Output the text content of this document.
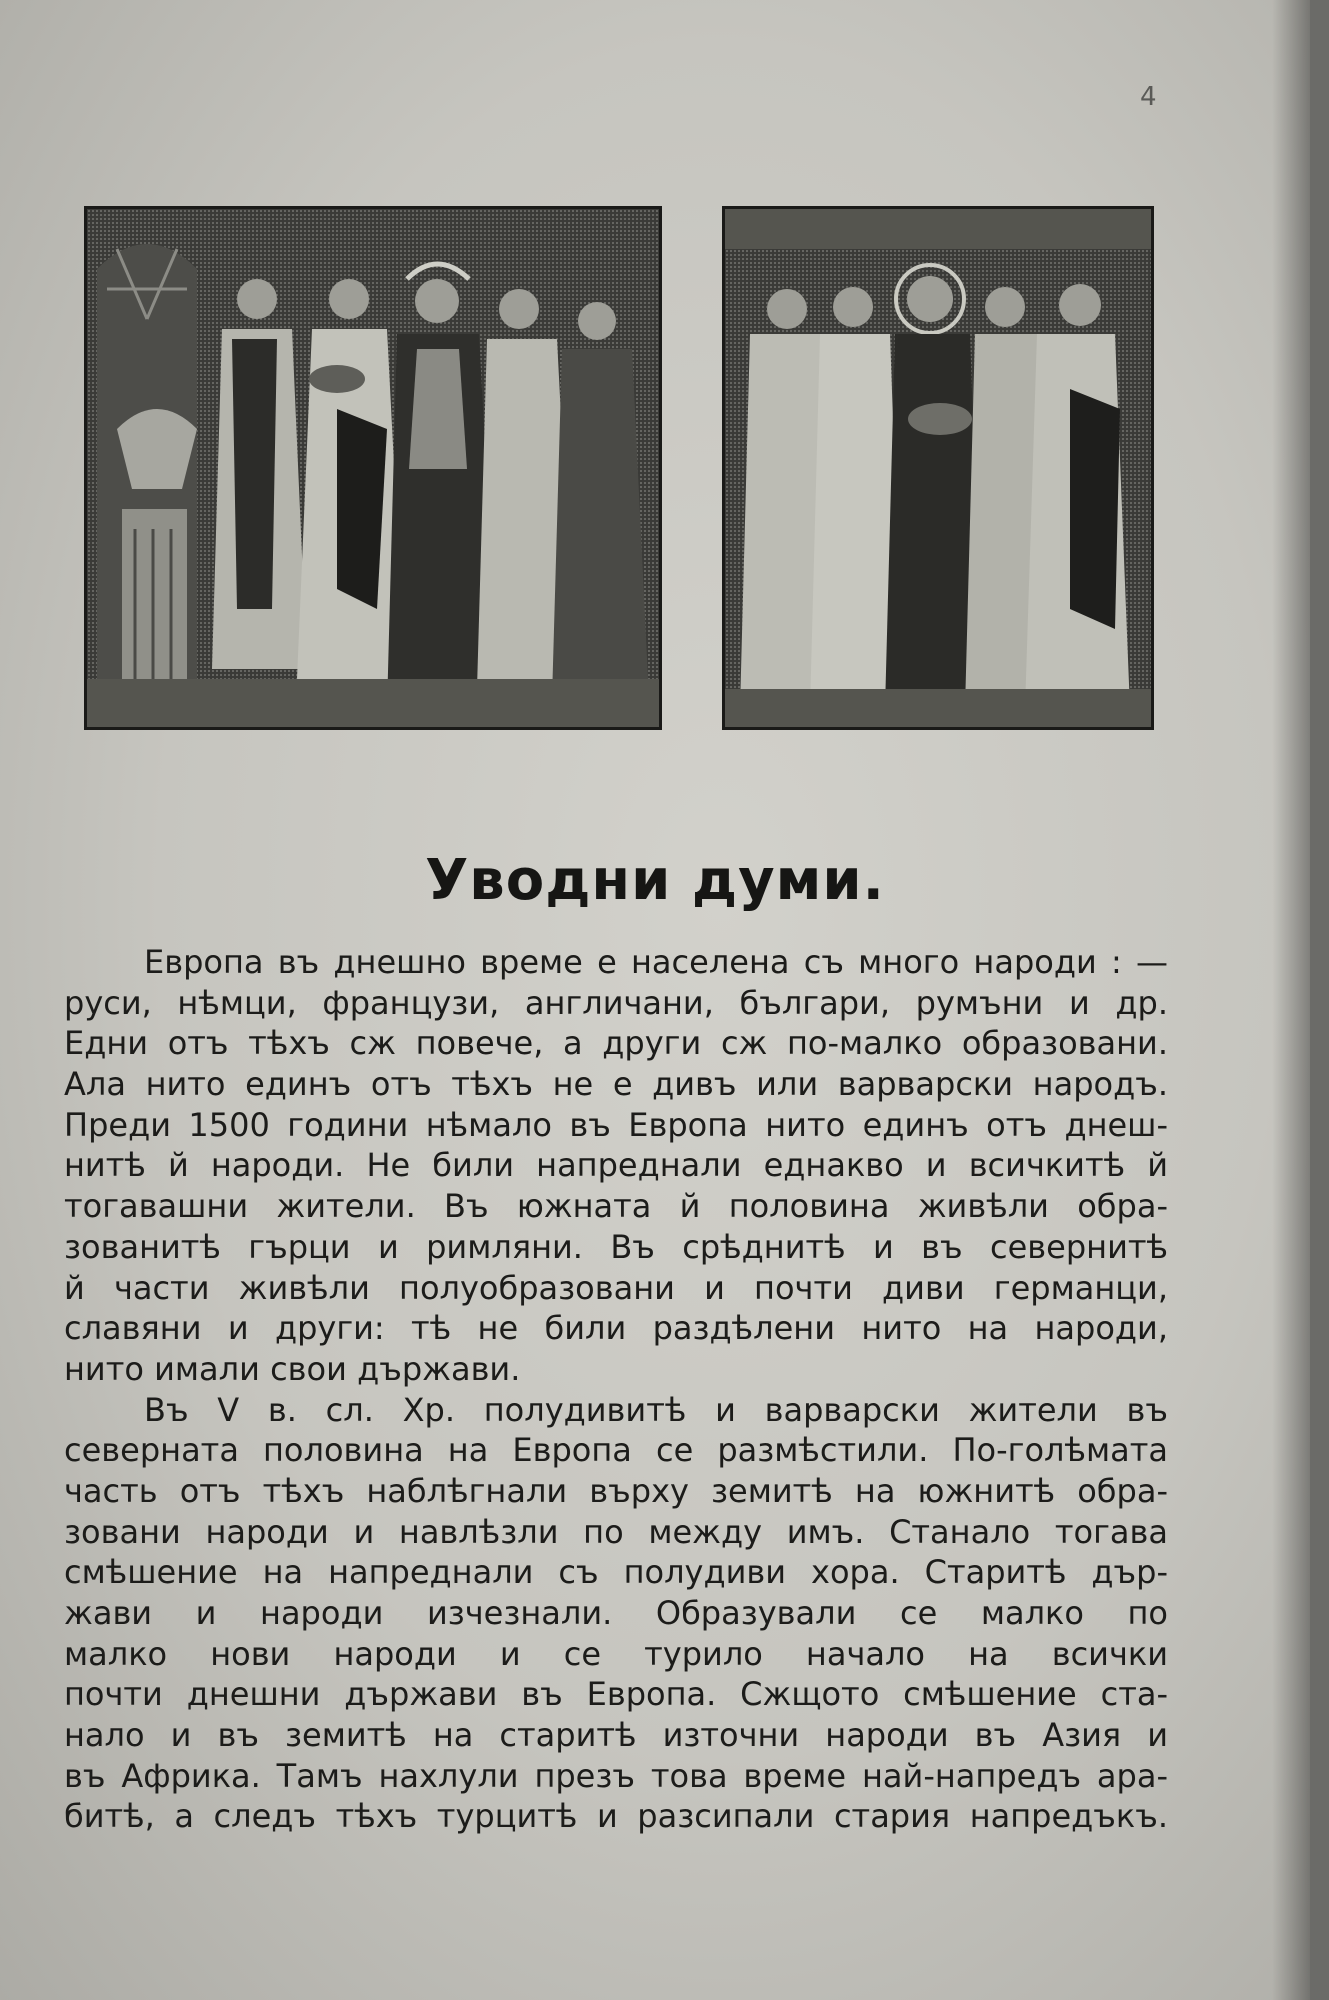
4
Уводни думи.
Европа въ днешно време е населена съ много народи : —
руси, нѣмци, французи, англичани, българи, румъни и др.
Едни отъ тѣхъ сж повече, а други сж по-малко образовани.
Ала нито единъ отъ тѣхъ не е дивъ или варварски народъ.
Преди 1500 години нѣмало въ Европа нито единъ отъ днеш-
нитѣ й народи. Не били напреднали еднакво и всичкитѣ й
тогавашни жители. Въ южната й половина живѣли обра-
зованитѣ гърци и римляни. Въ срѣднитѣ и въ севернитѣ
й части живѣли полуобразовани и почти диви германци,
славяни и други: тѣ не били раздѣлени нито на народи,
нито имали свои държави.
Въ V в. сл. Хр. полудивитѣ и варварски жители въ
северната половина на Европа се размѣстили. По-голѣмата
часть отъ тѣхъ наблѣгнали върху земитѣ на южнитѣ обра-
зовани народи и навлѣзли по между имъ. Станало тогава
смѣшение на напреднали съ полудиви хора. Старитѣ дър-
жави и народи изчезнали. Образували се малко по
малко нови народи и се турило начало на всички
почти днешни държави въ Европа. Сжщото смѣшение ста-
нало и въ земитѣ на старитѣ източни народи въ Азия и
въ Африка. Тамъ нахлули презъ това време най-напредъ ара-
битѣ, а следъ тѣхъ турцитѣ и разсипали стария напредъкъ.
